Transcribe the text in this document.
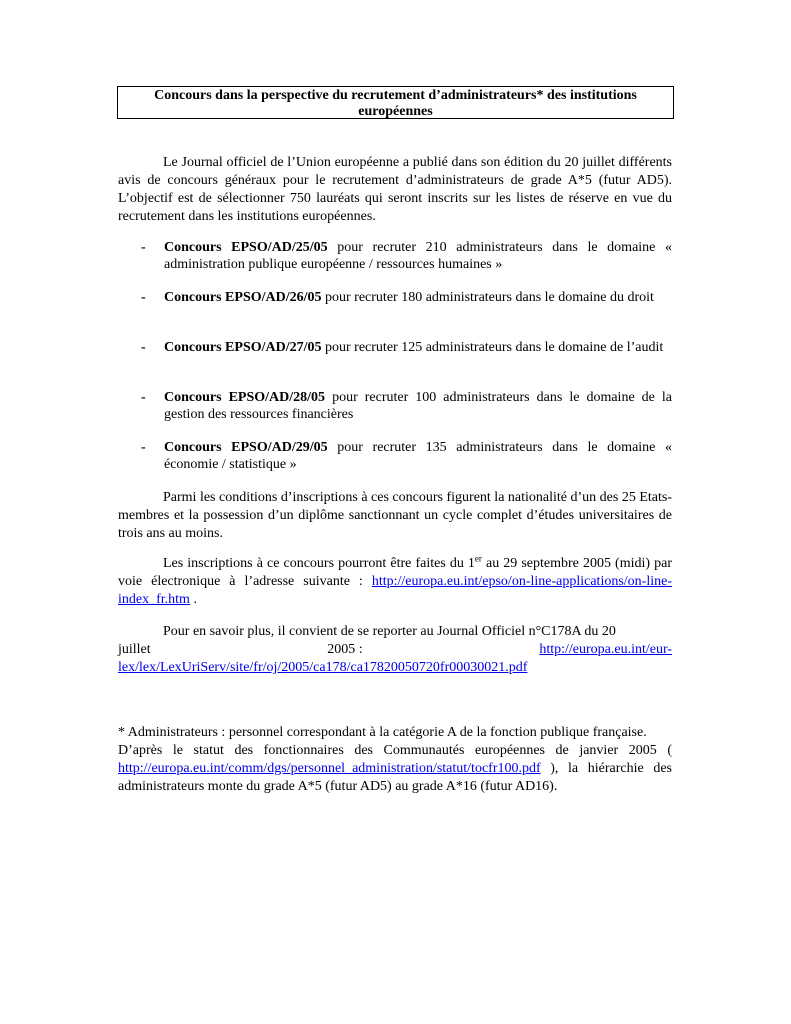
Concours dans la perspective du recrutement d’administrateurs* des institutions
européennes
Le Journal officiel de l’Union européenne a publié dans son édition du 20 juillet différents avis de concours généraux pour le recrutement d’administrateurs de grade A*5 (futur AD5). L’objectif est de sélectionner 750 lauréats qui seront inscrits sur les listes de réserve en vue du recrutement dans les institutions européennes.
- Concours EPSO/AD/25/05 pour recruter 210 administrateurs dans le domaine « administration publique européenne / ressources humaines »
- Concours EPSO/AD/26/05 pour recruter 180 administrateurs dans le domaine du droit
- Concours EPSO/AD/27/05 pour recruter 125 administrateurs dans le domaine de l’audit
- Concours EPSO/AD/28/05 pour recruter 100 administrateurs dans le domaine de la gestion des ressources financières
- Concours EPSO/AD/29/05 pour recruter 135 administrateurs dans le domaine « économie / statistique »
Parmi les conditions d’inscriptions à ces concours figurent la nationalité d’un des 25 Etats-membres et la possession d’un diplôme sanctionnant un cycle complet d’études universitaires de trois ans au moins.
Les inscriptions à ce concours pourront être faites du 1er au 29 septembre 2005 (midi) par voie électronique à l’adresse suivante : http://europa.eu.int/epso/on-line-applications/on-line-index_fr.htm .
Pour en savoir plus, il convient de se reporter au Journal Officiel n°C178A du 20
juillet	2005 :	http://europa.eu.int/eur-
lex/lex/LexUriServ/site/fr/oj/2005/ca178/ca17820050720fr00030021.pdf
* Administrateurs : personnel correspondant à la catégorie A de la fonction publique française.
D’après le statut des fonctionnaires des Communautés européennes de janvier 2005 ( http://europa.eu.int/comm/dgs/personnel_administration/statut/tocfr100.pdf ), la hiérarchie des administrateurs monte du grade A*5 (futur AD5) au grade A*16 (futur AD16).
